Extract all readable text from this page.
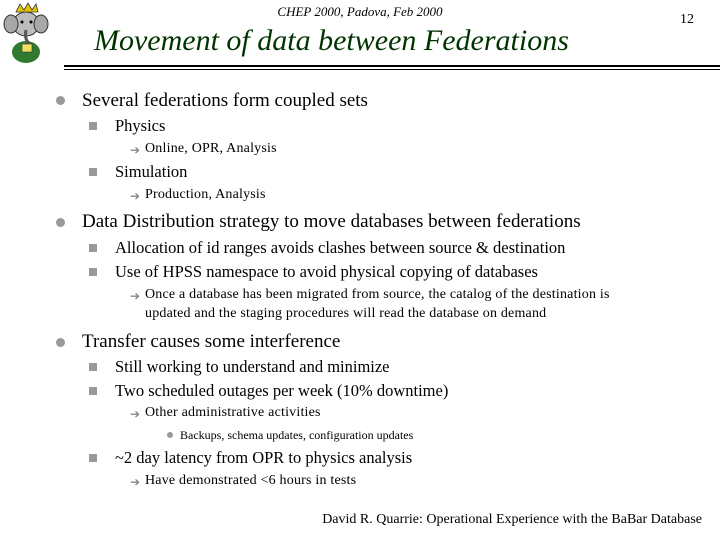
CHEP 2000, Padova, Feb 2000
12
Movement of data between Federations
Several federations form coupled sets
Physics
➔ Online, OPR, Analysis
Simulation
➔ Production, Analysis
Data Distribution strategy to move databases between federations
Allocation of id ranges avoids clashes between source & destination
Use of HPSS namespace to avoid physical copying of databases
➔ Once a database has been migrated from source, the catalog of the destination is
updated and the staging procedures will read the database on demand
Transfer causes some interference
Still working to understand and minimize
Two scheduled outages per week (10% downtime)
➔ Other administrative activities
Backups, schema updates, configuration updates
~2 day latency from OPR to physics analysis
➔ Have demonstrated <6 hours in tests
David R. Quarrie: Operational Experience with the BaBar Database
